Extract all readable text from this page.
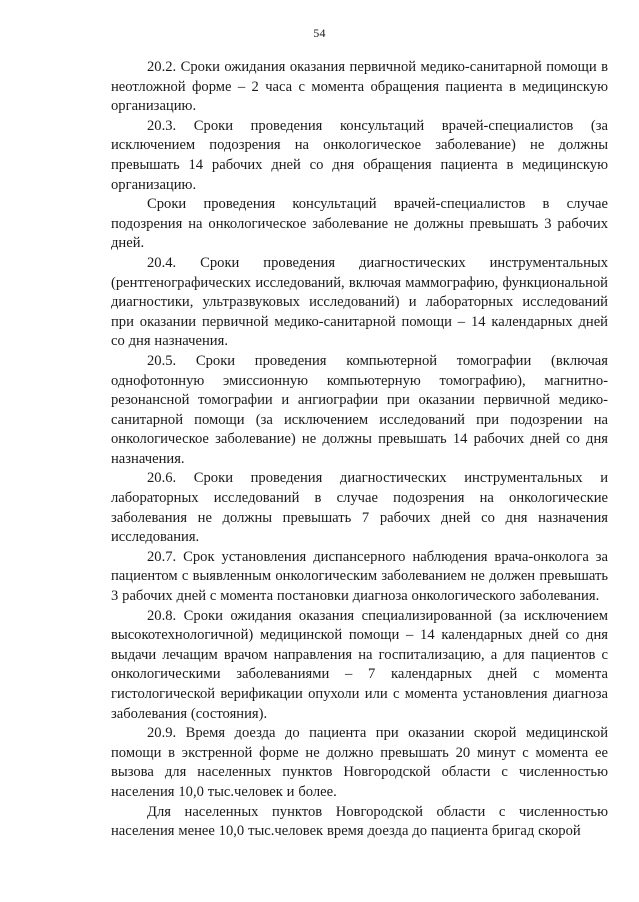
54

20.2. Сроки ожидания оказания первичной медико-санитарной помощи в неотложной форме – 2 часа с момента обращения пациента в медицинскую организацию.

20.3. Сроки проведения консультаций врачей-специалистов (за исключением подозрения на онкологическое заболевание) не должны превышать 14 рабочих дней со дня обращения пациента в медицинскую организацию.

Сроки проведения консультаций врачей-специалистов в случае подозрения на онкологическое заболевание не должны превышать 3 рабочих дней.

20.4. Сроки проведения диагностических инструментальных (рентгенографических исследований, включая маммографию, функциональной диагностики, ультразвуковых исследований) и лабораторных исследований при оказании первичной медико-санитарной помощи – 14 календарных дней со дня назначения.

20.5. Сроки проведения компьютерной томографии (включая однофотонную эмиссионную компьютерную томографию), магнитно-резонансной томографии и ангиографии при оказании первичной медико-санитарной помощи (за исключением исследований при подозрении на онкологическое заболевание) не должны превышать 14 рабочих дней со дня назначения.

20.6. Сроки проведения диагностических инструментальных и лабораторных исследований в случае подозрения на онкологические заболевания не должны превышать 7 рабочих дней со дня назначения исследования.

20.7. Срок установления диспансерного наблюдения врача-онколога за пациентом с выявленным онкологическим заболеванием не должен превышать 3 рабочих дней с момента постановки диагноза онкологического заболевания.

20.8. Сроки ожидания оказания специализированной (за исключением высокотехнологичной) медицинской помощи – 14 календарных дней со дня выдачи лечащим врачом направления на госпитализацию, а для пациентов с онкологическими заболеваниями – 7 календарных дней с момента гистологической верификации опухоли или с момента установления диагноза заболевания (состояния).

20.9. Время доезда до пациента при оказании скорой медицинской помощи в экстренной форме не должно превышать 20 минут с момента ее вызова для населенных пунктов Новгородской области с численностью населения 10,0 тыс.человек и более.

Для населенных пунктов Новгородской области с численностью населения менее 10,0 тыс.человек время доезда до пациента бригад скорой
